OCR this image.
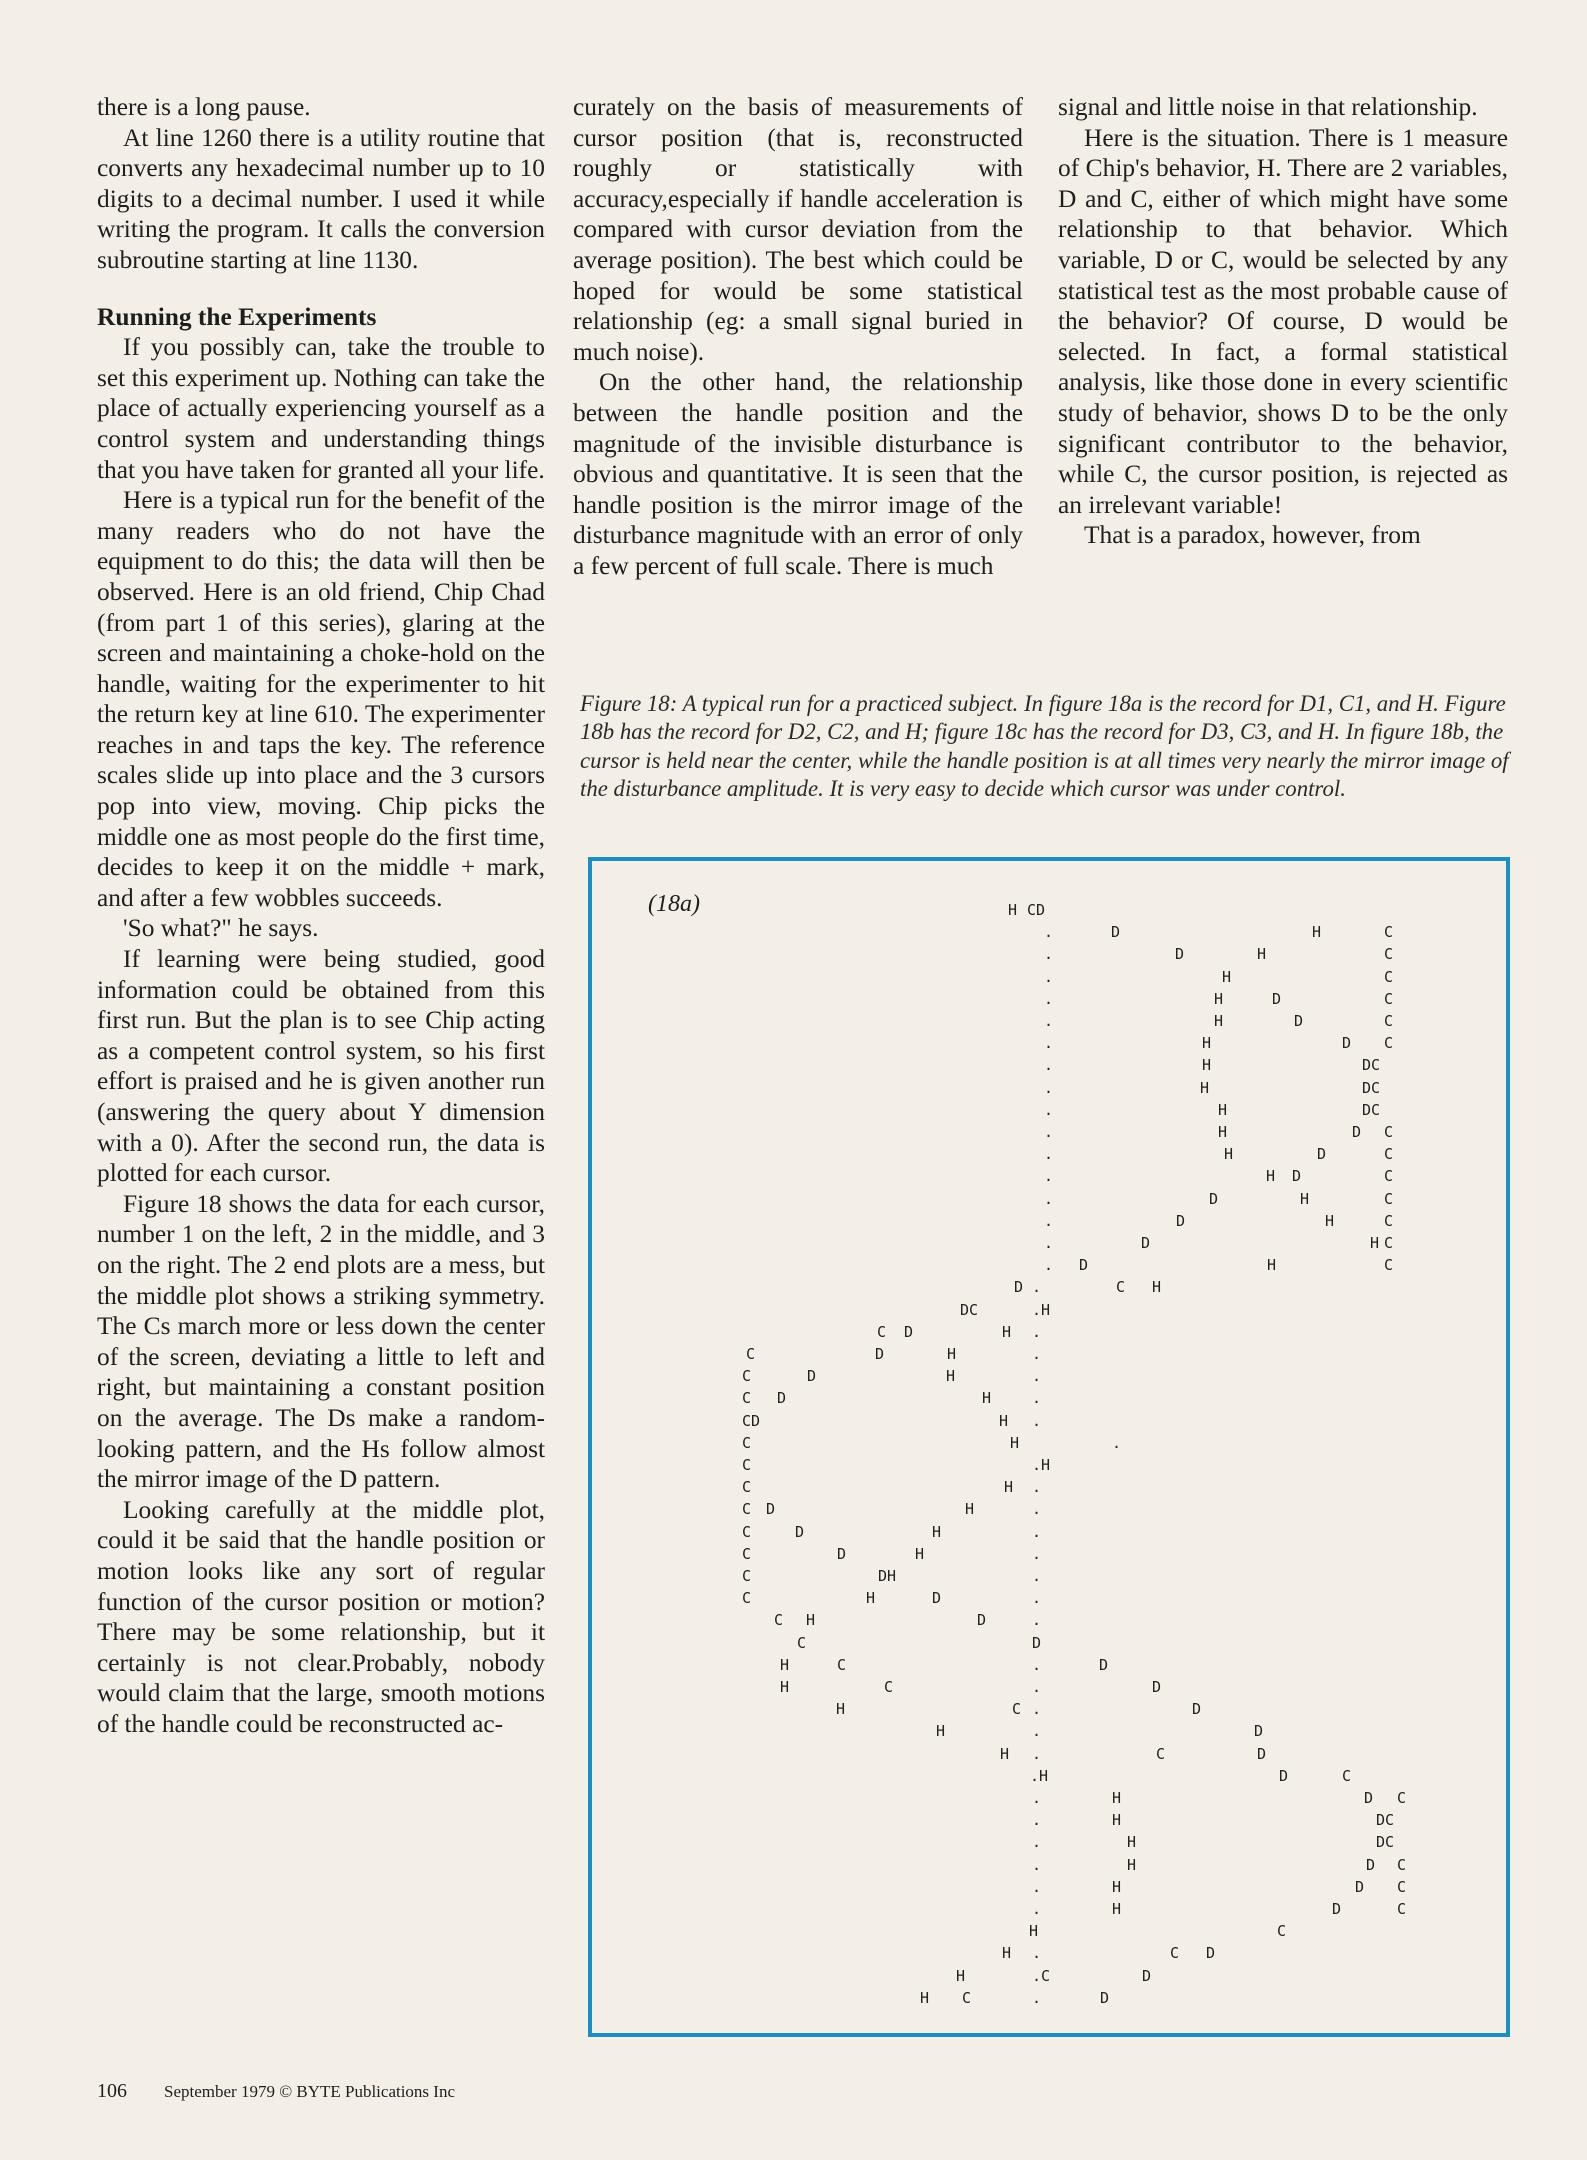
there is a long pause.

At line 1260 there is a utility routine that converts any hexadecimal number up to 10 digits to a decimal number. I used it while writing the program. It calls the conversion subroutine starting at line 1130.

Running the Experiments

If you possibly can, take the trouble to set this experiment up. Nothing can take the place of actually experiencing yourself as a control system and understanding things that you have taken for granted all your life.

Here is a typical run for the benefit of the many readers who do not have the equipment to do this; the data will then be observed. Here is an old friend, Chip Chad (from part 1 of this series), glaring at the screen and maintaining a choke-hold on the handle, waiting for the experimenter to hit the return key at line 610. The experimenter reaches in and taps the key. The reference scales slide up into place and the 3 cursors pop into view, moving. Chip picks the middle one as most people do the first time, decides to keep it on the middle + mark, and after a few wobbles succeeds.

'So what?" he says.

If learning were being studied, good information could be obtained from this first run. But the plan is to see Chip acting as a competent control system, so his first effort is praised and he is given another run (answering the query about Y dimension with a 0). After the second run, the data is plotted for each cursor.

Figure 18 shows the data for each cursor, number 1 on the left, 2 in the middle, and 3 on the right. The 2 end plots are a mess, but the middle plot shows a striking symmetry. The Cs march more or less down the center of the screen, deviating a little to left and right, but maintaining a constant position on the average. The Ds make a random-looking pattern, and the Hs follow almost the mirror image of the D pattern.

Looking carefully at the middle plot, could it be said that the handle position or motion looks like any sort of regular function of the cursor position or motion? There may be some relationship, but it certainly is not clear.Probably, nobody would claim that the large, smooth motions of the handle could be reconstructed ac-

curately on the basis of measurements of cursor position (that is, reconstructed roughly or statistically with accuracy,especially if handle acceleration is compared with cursor deviation from the average position). The best which could be hoped for would be some statistical relationship (eg: a small signal buried in much noise).

On the other hand, the relationship between the handle position and the magnitude of the invisible disturbance is obvious and quantitative. It is seen that the handle position is the mirror image of the disturbance magnitude with an error of only a few percent of full scale. There is much

signal and little noise in that relationship.

Here is the situation. There is 1 measure of Chip's behavior, H. There are 2 variables, D and C, either of which might have some relationship to that behavior. Which variable, D or C, would be selected by any statistical test as the most probable cause of the behavior? Of course, D would be selected. In fact, a formal statistical analysis, like those done in every scientific study of behavior, shows D to be the only significant contributor to the behavior, while C, the cursor position, is rejected as an irrelevant variable!

That is a paradox, however, from

Figure 18: A typical run for a practiced subject. In figure 18a is the record for D1, C1, and H. Figure 18b has the record for D2, C2, and H; figure 18c has the record for D3, C3, and H. In figure 18b, the cursor is held near the center, while the handle position is at all times very nearly the mirror image of the disturbance amplitude. It is very easy to decide which cursor was under control.
(18a)	H CD
.	D	H	C
.	D	H	C
.	H	C
.	H	D	C
.	H	D	C
.	H	D C
.	H	DC
.	H	DC
.	H	DC
.	H	D C
.	H	D	C
.	H D	C
.	D	H	C
.	D	H	C
.	D	H C
. D	H	C
D .	C H
DC	.H
C D	H .
C	D	H	.
C	D	H	.
C D	H	.
CD	H .
C	H	.
C	.H
C	H .
C D	H	.
C	D	H	.
C	D	H	.
C	DH	.
C	H	D	.
C H	D	.
C	D
H	C	.	D
H	C	.	D
H	C .	D
H	.	D
H .	C	D
.H	D	C
.	H	D C
.	H	DC
.	H	DC
.	H	D C
.	H	D C
.	H	D	C
H	C
H .	C D
H	.C	D
H C	.	D
106 September 1979 © BYTE Publications Inc
